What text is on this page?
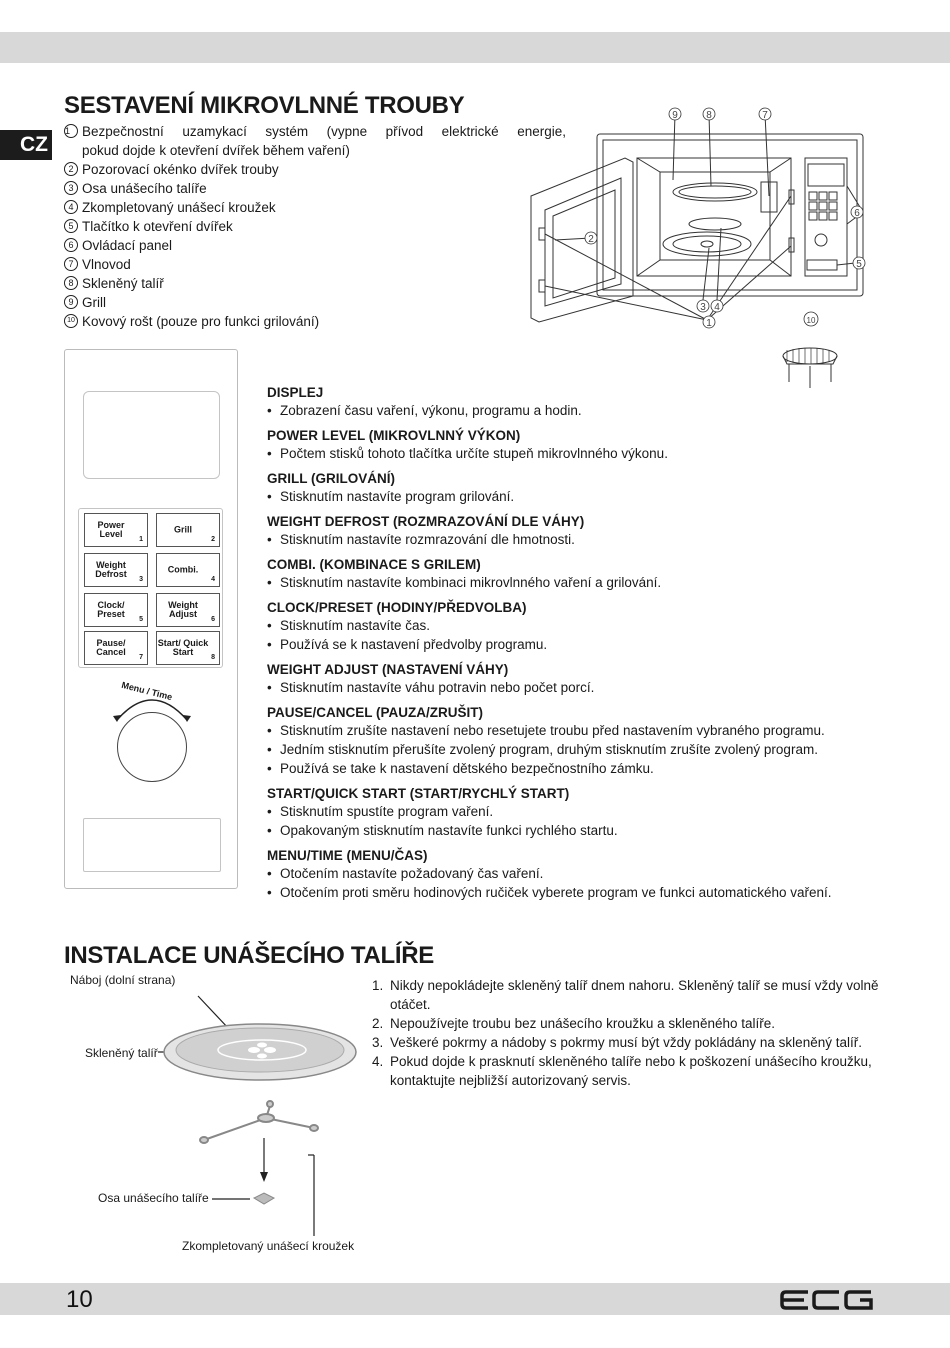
CZ
SESTAVENÍ MIKROVLNNÉ TROUBY
1 Bezpečnostní uzamykací systém (vypne přívod elektrické energie,
pokud dojde k otevření dvířek během vaření)
2 Pozorovací okénko dvířek trouby
3 Osa unášecího talíře
4 Zkompletovaný unášecí kroužek
5 Tlačítko k otevření dvířek
6 Ovládací panel
7 Vlnovod
8 Skleněný talíř
9 Grill
10 Kovový rošt (pouze pro funkci grilování)
9	8	7
6
5
4
3
2
1	10
Power Level
1
Grill
2
Weight Defrost
3
Combi.
4
Clock/ Preset
5
Weight Adjust
6
Pause/ Cancel
7
Start/ Quick Start
8
Menu / Time
DISPLEJ
• Zobrazení času vaření, výkonu, programu a hodin.
POWER LEVEL (MIKROVLNNÝ VÝKON)
• Počtem stisků tohoto tlačítka určíte stupeň mikrovlnného výkonu.
GRILL (GRILOVÁNÍ)
• Stisknutím nastavíte program grilování.
WEIGHT DEFROST (ROZMRAZOVÁNÍ DLE VÁHY)
• Stisknutím nastavíte rozmrazování dle hmotnosti.
COMBI. (KOMBINACE S GRILEM)
• Stisknutím nastavíte kombinaci mikrovlnného vaření a grilování.
CLOCK/PRESET (HODINY/PŘEDVOLBA)
• Stisknutím nastavíte čas.
• Používá se k nastavení předvolby programu.
WEIGHT ADJUST (NASTAVENÍ VÁHY)
• Stisknutím nastavíte váhu potravin nebo počet porcí.
PAUSE/CANCEL (PAUZA/ZRUŠIT)
• Stisknutím zrušíte nastavení nebo resetujete troubu před nastavením vybraného programu.
• Jedním stisknutím přerušíte zvolený program, druhým stisknutím zrušíte zvolený program.
• Používá se take k nastavení dětského bezpečnostního zámku.
START/QUICK START (START/RYCHLÝ START)
• Stisknutím spustíte program vaření.
• Opakovaným stisknutím nastavíte funkci rychlého startu.
MENU/TIME (MENU/ČAS)
• Otočením nastavíte požadovaný čas vaření.
• Otočením proti směru hodinových ručiček vyberete program ve funkci automatického vaření.
INSTALACE UNÁŠECÍHO TALÍŘE
Náboj (dolní strana)
Skleněný talíř
Osa unášecího talíře
Zkompletovaný unášecí kroužek
1. Nikdy nepokládejte skleněný talíř dnem nahoru. Skleněný talíř se musí vždy volně otáčet.
2. Nepoužívejte troubu bez unášecího kroužku a skleněného talíře.
3. Veškeré pokrmy a nádoby s pokrmy musí být vždy pokládány na skleněný talíř.
4. Pokud dojde k prasknutí skleněného talíře nebo k poškození unášecího kroužku, kontaktujte nejbližší autorizovaný servis.
10	ECG
